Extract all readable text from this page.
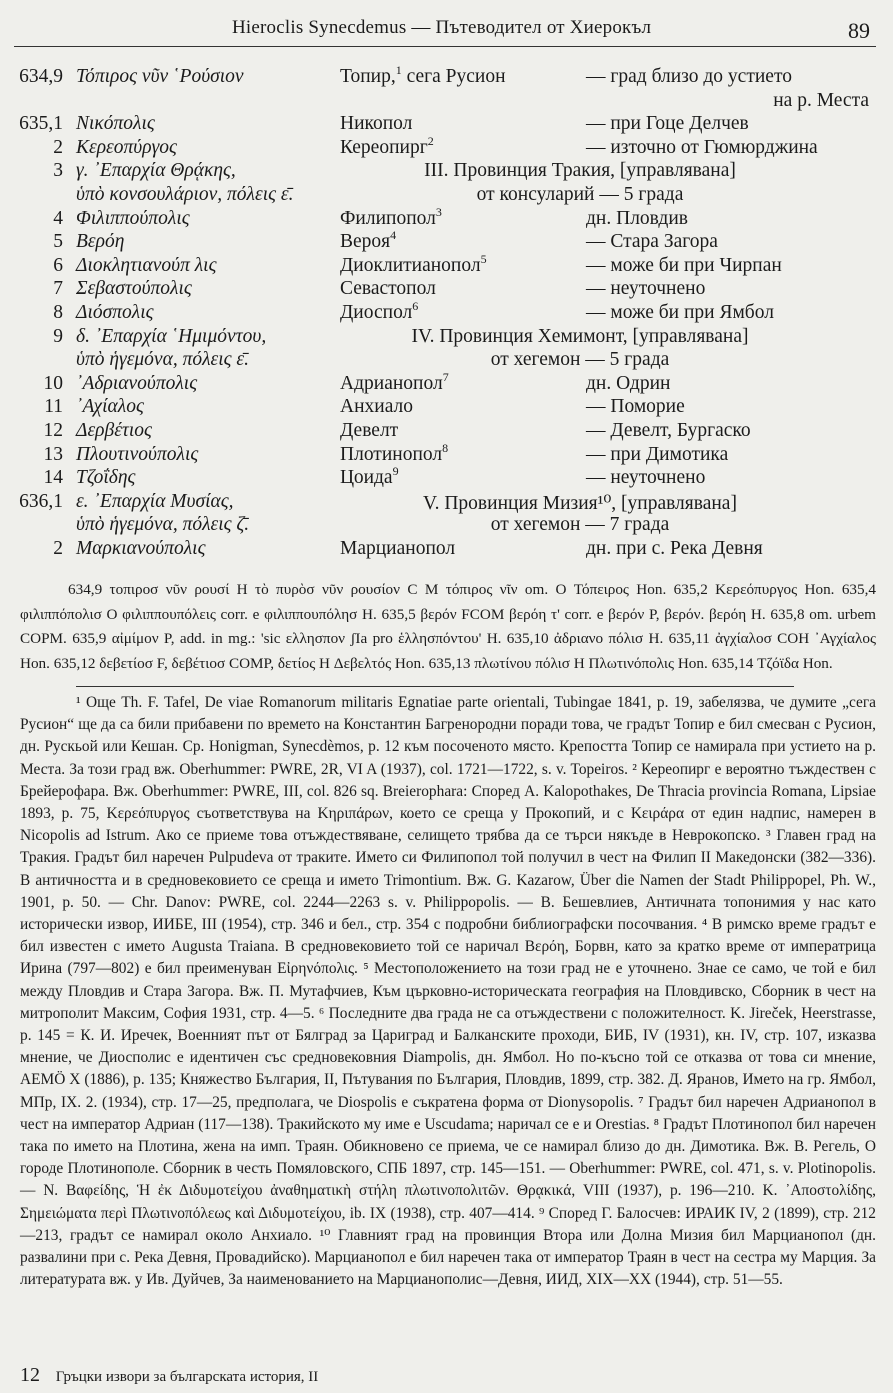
Hieroclis Synecdemus — Пътеводител от Хиерокъл	89
634,9 Τόπιρος νῦν ῾Ρούσιον	Топир,$^1$ сега Русион	— град близо до устието
на р. Места
635,1 Νικόπολις	Никопол	— при Гоце Делчев
2 Κερεοπύργος	Кереопирг$^2$	— източно от Гюмюрджина
3 γ. ᾿Επαρχία Θρᾴκης,	III. Провинция Тракия, [управлявана]
ὑπὸ κονσουλάριον, πόλεις ε̄.	от консуларий — 5 града
4 Φιλιππούπολις	Филипопол$^3$	дн. Пловдив
5 Βερόη	Верoя$^4$	— Стара Загора
6 Διοκλητιανούπ λις	Диоклитианопол$^5$	— може би при Чирпан
7 Σεβαστούπολις	Севастопол	— неуточнено
8 Διόσπολις	Диоспол$^6$	— може би при Ямбол
9 δ. ᾿Επαρχία ῾Ημιμόντου,	IV. Провинция Хемимонт, [управлявана]
ὑπὸ ἡγεμόνα, πόλεις ε̄.	от хегемон — 5 града
10 ᾿Αδριανούπολις	Адрианопол$^7$	дн. Одрин
11 ᾿Αχίαλος	Анхиало	— Поморие
12 Δερβέτιος	Девелт	— Девелт, Бургаско
13 Πλουτινούπολις	Плотинопол$^8$	— при Димотика
14 Τζοΐδης	Цоида$^9$	— неуточнено
636,1 ε. ᾿Επαρχία Μυσίας,	V. Провинция Мизия¹⁰, [управлявана]
ὑπὸ ἡγεμόνα, πόλεις ζ̄.	от хегемон — 7 града
2 Μαρκιανούπολις	Марцианопол	дн. при с. Река Девня

634,9 τοπιροσ νῦν ρουσί Η τὸ πυρὸσ νῦν ρουσίον C Μ τόπιρος νῖν om. O Τόπειρος Hon. 635,2 Κερεόπυργος Hon. 635,4 φιλιππόπολισ O φιλιππουπόλεις corr. e φιλιππουπόλησ H. 635,5 βερόν FCOM βερόη τ' corr. e βερόν P, βερόν. βερόη H. 635,8 om. urbem COPM. 635,9 αἰμίμον P, add. in mg.: 'sic ελλησπον ʃIa pro ἑλλησπόντου' H. 635,10 ἀδριανο πόλισ H. 635,11 ἀγχίαλοσ COH ᾿Αγχίαλος Hon. 635,12 δεβετίοσ F, δεβέτιοσ COMP, δετίος H Δεβελτός Hon. 635,13 πλωτίνου πόλισ H Πλωτινόπολις Hon. 635,14 Τζόϊδα Hon.

¹ Още Th. F. Tafel, De viae Romanorum militaris Egnatiae parte orientali, Tubingae 1841, p. 19, забелязва, че думите „сега Русион“ ще да са били прибавени по времето на Константин Багренородни поради това, че градът Топир е бил смесван с Русион, дн. Рускьой или Кешан. Ср. Honigman, Synecdèmos, p. 12 към посоченото място. Крепостта Топир се намирала при устието на р. Места. За този град вж. Oberhummer: PWRE, 2R, VI A (1937), col. 1721—1722, s. v. Topeiros. ² Кереопирг е вероятно тъждествен с Брейерофара. Вж. Oberhummer: PWRE, III, col. 826 sq. Breierophara: Според A. Kalopothakes, De Thracia provincia Romana, Lipsiae 1893, p. 75, Κερεόπυργος съответствува на Κηριπάρων, което се среща у Прокопий, и с Κειράρα от един надпис, намерен в Nicopolis ad Istrum. Ако се приеме това отъждествяване, селището трябва да се търси някъде в Неврокопско. ³ Главен град на Тракия. Градът бил наречен Pulpudeva от траките. Името си Филипопол той получил в чест на Филип II Македонски (382—336). В античността и в средновековието се среща и името Trimontium. Вж. G. Kazarow, Über die Namen der Stadt Philippopel, Ph. W., 1901, p. 50. — Chr. Danov: PWRE, col. 2244—2263 s. v. Philippopolis. — В. Бешевлиев, Античната топонимия у нас като исторически извор, ИИБЕ, III (1954), стр. 346 и бел., стр. 354 с подробни библиографски посочвания. ⁴ В римско време градът е бил известен с името Augusta Traiana. В средновековието той се наричал Βερόη, Борвн, като за кратко време от императрица Ирина (797—802) е бил преименуван Εἰρηνόπολις. ⁵ Местоположението на този град не е уточнено. Знае се само, че той е бил между Пловдив и Стара Загора. Вж. П. Мутафчиев, Към църковно-историческата география на Пловдивско, Сборник в чест на митрополит Максим, София 1931, стр. 4—5. ⁶ Последните два града не са отъждествени с положителност. K. Jireček, Heerstrasse, p. 145 = К. И. Иречек, Военният път от Бялград за Цариград и Балканските проходи, БИБ, IV (1931), кн. IV, стр. 107, изказва мнение, че Диосполис е идентичен със средновековния Diampolis, дн. Ямбол. Но по-късно той се отказва от това си мнение, АЕМÖ X (1886), р. 135; Княжество България, II, Пътувания по България, Пловдив, 1899, стр. 382. Д. Яранов, Името на гр. Ямбол, МПр, IX. 2. (1934), стр. 17—25, предполага, че Diospolis е съкратена форма от Dionysopolis. ⁷ Градът бил наречен Адрианопол в чест на император Адриан (117—138). Тракийското му име е Uscudama; наричал се е и Orestias. ⁸ Градът Плотинопол бил наречен така по името на Плотина, жена на имп. Траян. Обикновено се приема, че се намирал близо до дн. Димотика. Вж. В. Регель, О городе Плотинополе. Сборник в честь Помяловского, СПБ 1897, стр. 145—151. — Oberhummer: PWRE, col. 471, s. v. Plotinopolis. — Ν. Βαφείδης, Ἡ ἐκ Διδυμοτείχου ἀναθηματικὴ στήλη πλωτινοπολιτῶν. Θρᾳκικά, VIII (1937), p. 196—210. Κ. ᾿Αποστολίδης, Σημειώματα περὶ Πλωτινοπόλεως καὶ Διδυμοτείχου, ib. IX (1938), стр. 407—414. ⁹ Според Г. Балосчев: ИРАИК IV, 2 (1899), стр. 212—213, градът се намирал около Анхиало. ¹⁰ Главният град на провинция Втора или Долна Мизия бил Марцианопол (дн. развалини при с. Река Девня, Провадийско). Марцианопол е бил наречен така от император Траян в чест на сестра му Марция. За литературата вж. у Ив. Дуйчев, За наименованието на Марцианополис—Девня, ИИД, XIX—XX (1944), стр. 51—55.

12 Гръцки извори за българската история, II
